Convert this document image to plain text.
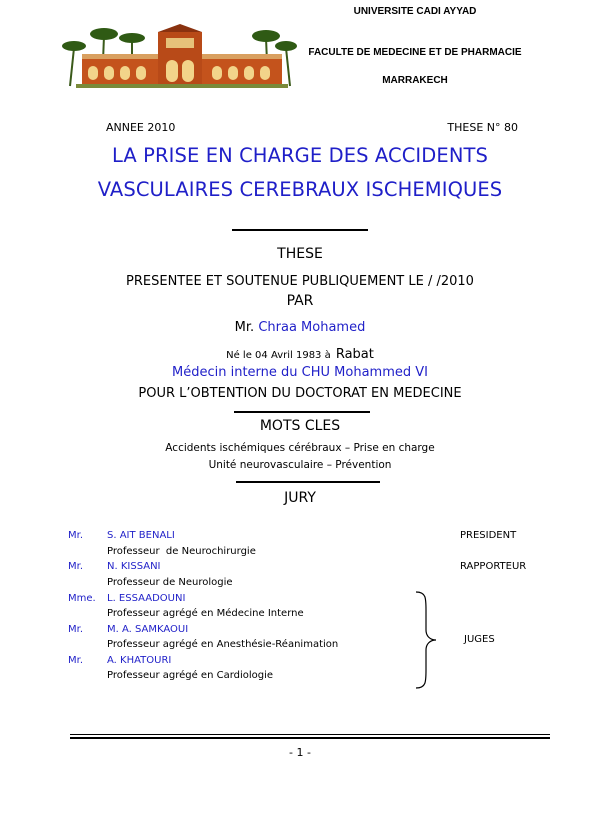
UNIVERSITE CADI AYYAD
FACULTE DE MEDECINE ET DE PHARMACIE
MARRAKECH
ANNEE 2010	THESE N° 80
LA PRISE EN CHARGE DES ACCIDENTS
VASCULAIRES CEREBRAUX ISCHEMIQUES
THESE
PRESENTEE ET SOUTENUE PUBLIQUEMENT LE / /2010
PAR
Mr. Chraa Mohamed
Né le 04 Avril 1983 à Rabat
Médecin interne du CHU Mohammed VI
POUR L’OBTENTION DU DOCTORAT EN MEDECINE
MOTS CLES
Accidents ischémiques cérébraux – Prise en charge
Unité neurovasculaire – Prévention
JURY
Mr. S. AIT BENALI	PRESIDENT
Professeur  de Neurochirurgie
Mr. N. KISSANI	RAPPORTEUR
Professeur de Neurologie
Mme. L. ESSAADOUNI
Professeur agrégé en Médecine Interne
Mr. M. A. SAMKAOUI
Professeur agrégé en Anesthésie-Réanimation
Mr. A. KHATOURI
Professeur agrégé en Cardiologie
JUGES
- 1 -
